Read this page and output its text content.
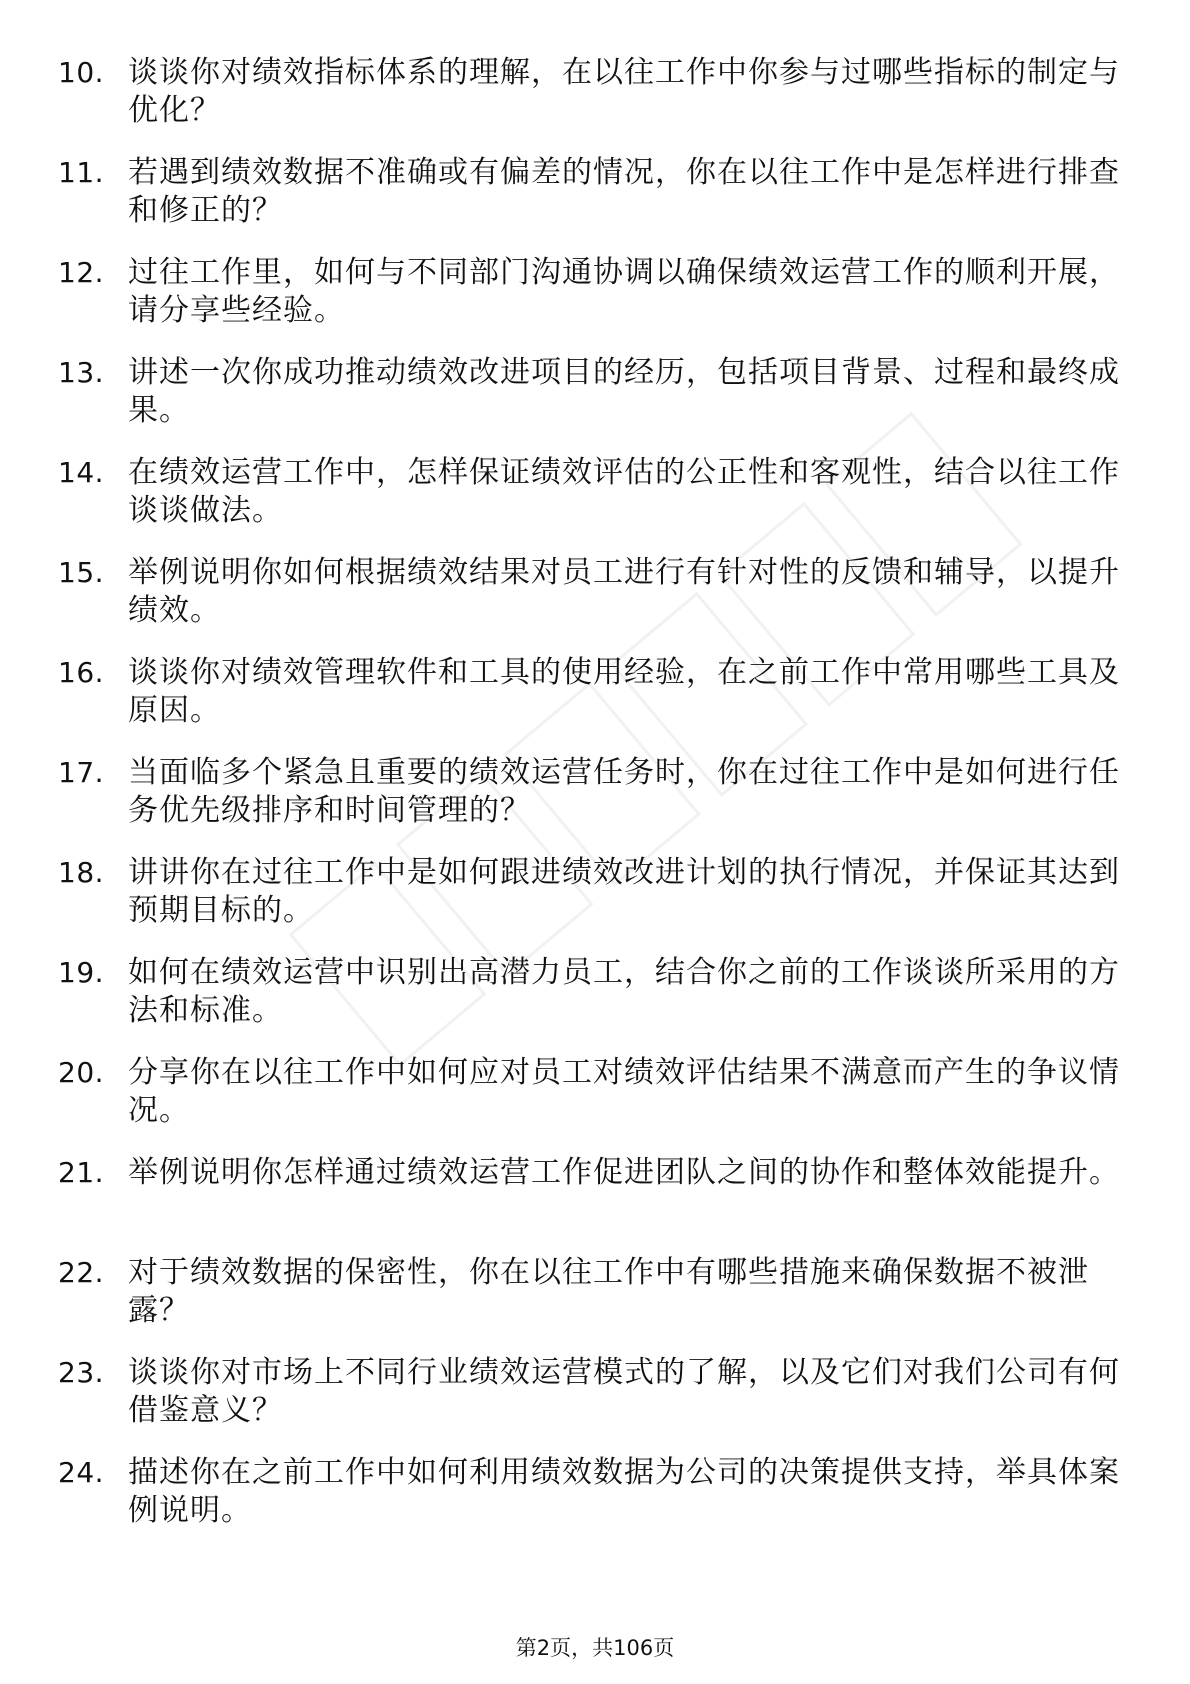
10. 谈谈你对绩效指标体系的理解，在以往工作中你参与过哪些指标的制定与优化？
11. 若遇到绩效数据不准确或有偏差的情况，你在以往工作中是怎样进行排查和修正的？
12. 过往工作里，如何与不同部门沟通协调以确保绩效运营工作的顺利开展，请分享些经验。
13. 讲述一次你成功推动绩效改进项目的经历，包括项目背景、过程和最终成果。
14. 在绩效运营工作中，怎样保证绩效评估的公正性和客观性，结合以往工作谈谈做法。
15. 举例说明你如何根据绩效结果对员工进行有针对性的反馈和辅导，以提升绩效。
16. 谈谈你对绩效管理软件和工具的使用经验，在之前工作中常用哪些工具及原因。
17. 当面临多个紧急且重要的绩效运营任务时，你在过往工作中是如何进行任务优先级排序和时间管理的？
18. 讲讲你在过往工作中是如何跟进绩效改进计划的执行情况，并保证其达到预期目标的。
19. 如何在绩效运营中识别出高潜力员工，结合你之前的工作谈谈所采用的方法和标准。
20. 分享你在以往工作中如何应对员工对绩效评估结果不满意而产生的争议情况。
21. 举例说明你怎样通过绩效运营工作促进团队之间的协作和整体效能提升。
22. 对于绩效数据的保密性，你在以往工作中有哪些措施来确保数据不被泄露？
23. 谈谈你对市场上不同行业绩效运营模式的了解，以及它们对我们公司有何借鉴意义？
24. 描述你在之前工作中如何利用绩效数据为公司的决策提供支持，举具体案例说明。
第2页，共106页
